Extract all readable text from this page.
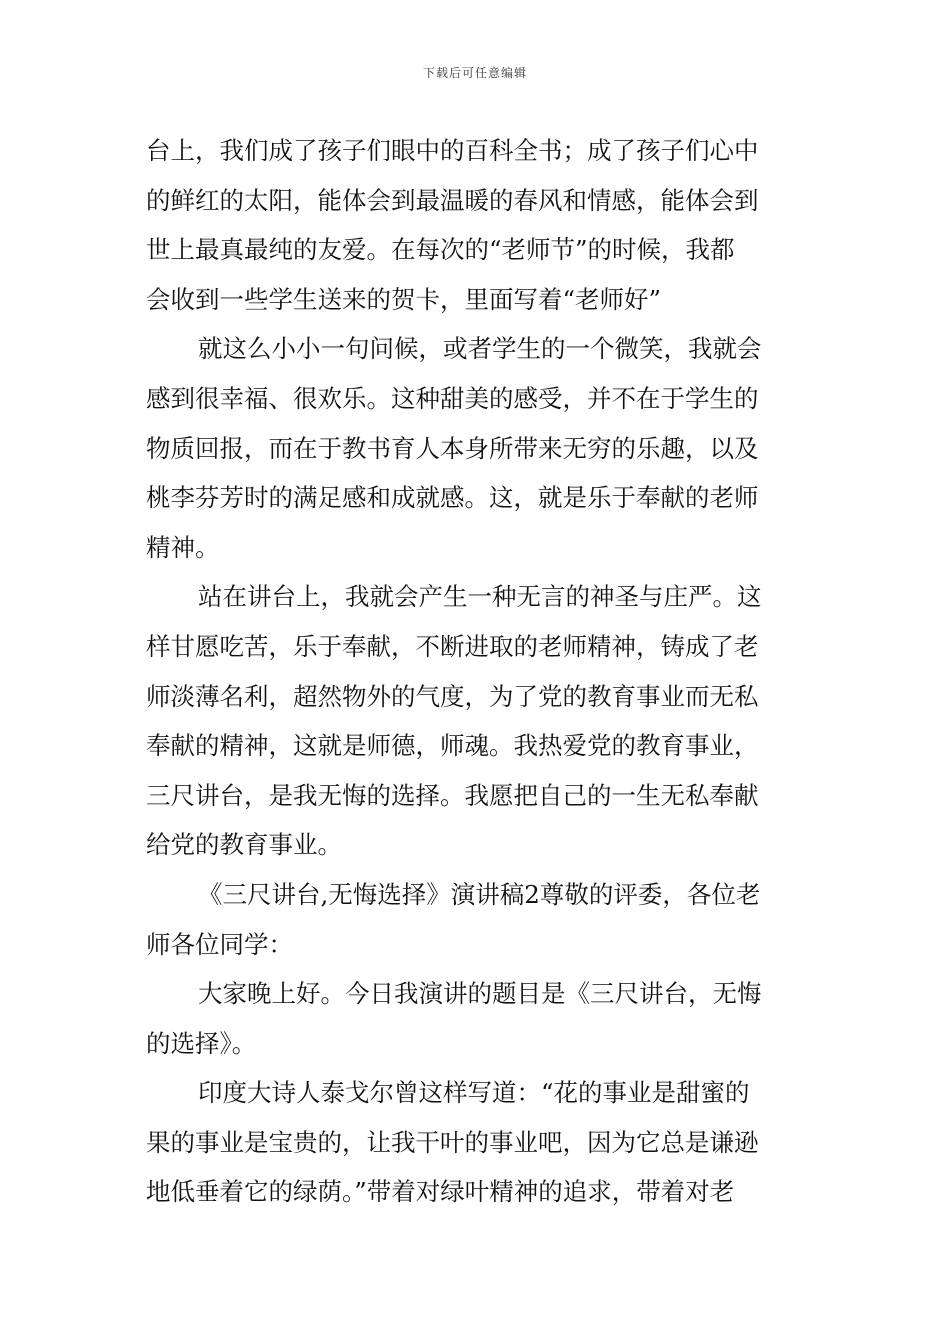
下载后可任意编辑
台上，我们成了孩子们眼中的百科全书；成了孩子们心中
的鲜红的太阳，能体会到最温暖的春风和情感，能体会到
世上最真最纯的友爱。在每次的“老师节”的时候，我都
会收到一些学生送来的贺卡，里面写着“老师好”
就这么小小一句问候，或者学生的一个微笑，我就会
感到很幸福、很欢乐。这种甜美的感受，并不在于学生的
物质回报，而在于教书育人本身所带来无穷的乐趣，以及
桃李芬芳时的满足感和成就感。这，就是乐于奉献的老师
精神。
站在讲台上，我就会产生一种无言的神圣与庄严。这
样甘愿吃苦，乐于奉献，不断进取的老师精神，铸成了老
师淡薄名利，超然物外的气度，为了党的教育事业而无私
奉献的精神，这就是师德，师魂。我热爱党的教育事业，
三尺讲台，是我无悔的选择。我愿把自己的一生无私奉献
给党的教育事业。
《三尺讲台,无悔选择》演讲稿2尊敬的评委，各位老
师各位同学：
大家晚上好。今日我演讲的题目是《三尺讲台，无悔
的选择》。
印度大诗人泰戈尔曾这样写道：“花的事业是甜蜜的
果的事业是宝贵的，让我干叶的事业吧，因为它总是谦逊
地低垂着它的绿荫。”带着对绿叶精神的追求，带着对老
